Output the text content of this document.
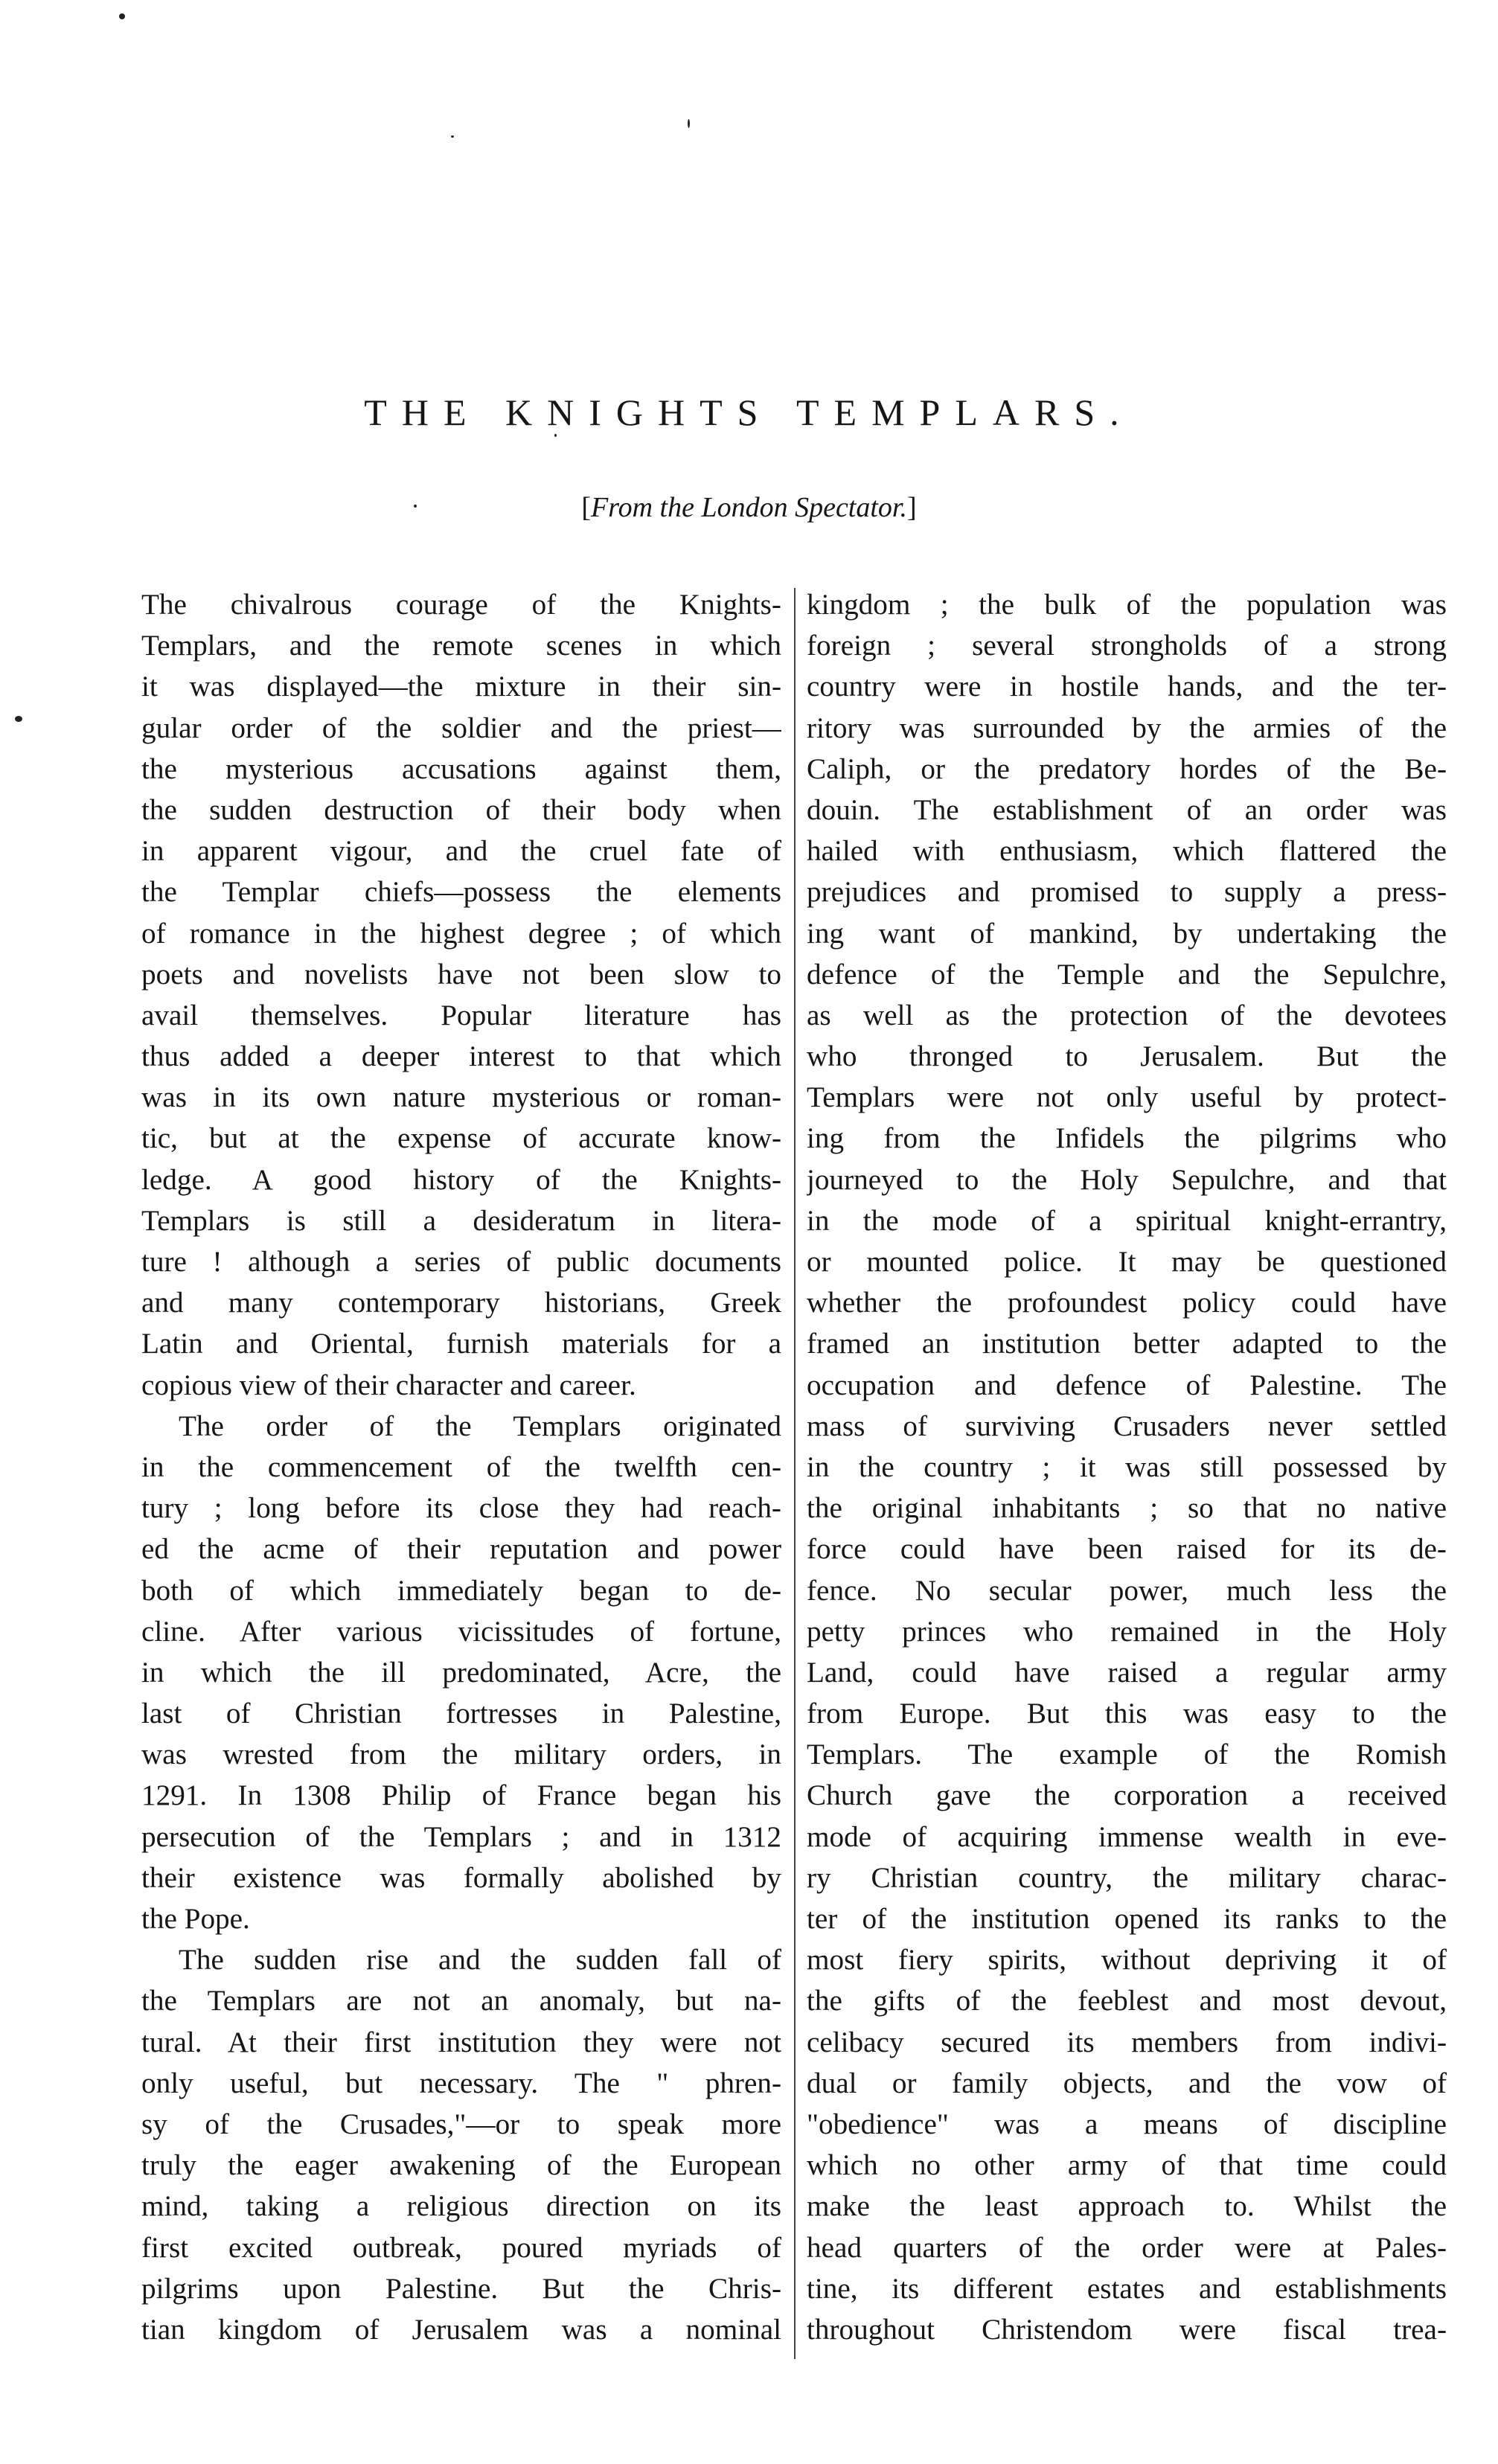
THE KNIGHTS TEMPLARS.
[From the London Spectator.]
The chivalrous courage of the Knights-
Templars, and the remote scenes in which
it was displayed—the mixture in their sin-
gular order of the soldier and the priest—
the mysterious accusations against them,
the sudden destruction of their body when
in apparent vigour, and the cruel fate of
the Templar chiefs—possess the elements
of romance in the highest degree ; of which
poets and novelists have not been slow to
avail themselves. Popular literature has
thus added a deeper interest to that which
was in its own nature mysterious or roman-
tic, but at the expense of accurate know-
ledge. A good history of the Knights-
Templars is still a desideratum in litera-
ture ! although a series of public documents
and many contemporary historians, Greek
Latin and Oriental, furnish materials for a
copious view of their character and career.
The order of the Templars originated
in the commencement of the twelfth cen-
tury ; long before its close they had reach-
ed the acme of their reputation and power
both of which immediately began to de-
cline. After various vicissitudes of fortune,
in which the ill predominated, Acre, the
last of Christian fortresses in Palestine,
was wrested from the military orders, in
1291. In 1308 Philip of France began his
persecution of the Templars ; and in 1312
their existence was formally abolished by
the Pope.
The sudden rise and the sudden fall of
the Templars are not an anomaly, but na-
tural. At their first institution they were not
only useful, but necessary. The " phren-
sy of the Crusades,"—or to speak more
truly the eager awakening of the European
mind, taking a religious direction on its
first excited outbreak, poured myriads of
pilgrims upon Palestine. But the Chris-
tian kingdom of Jerusalem was a nominal
kingdom ; the bulk of the population was
foreign ; several strongholds of a strong
country were in hostile hands, and the ter-
ritory was surrounded by the armies of the
Caliph, or the predatory hordes of the Be-
douin. The establishment of an order was
hailed with enthusiasm, which flattered the
prejudices and promised to supply a press-
ing want of mankind, by undertaking the
defence of the Temple and the Sepulchre,
as well as the protection of the devotees
who thronged to Jerusalem. But the
Templars were not only useful by protect-
ing from the Infidels the pilgrims who
journeyed to the Holy Sepulchre, and that
in the mode of a spiritual knight-errantry,
or mounted police. It may be questioned
whether the profoundest policy could have
framed an institution better adapted to the
occupation and defence of Palestine. The
mass of surviving Crusaders never settled
in the country ; it was still possessed by
the original inhabitants ; so that no native
force could have been raised for its de-
fence. No secular power, much less the
petty princes who remained in the Holy
Land, could have raised a regular army
from Europe. But this was easy to the
Templars. The example of the Romish
Church gave the corporation a received
mode of acquiring immense wealth in eve-
ry Christian country, the military charac-
ter of the institution opened its ranks to the
most fiery spirits, without depriving it of
the gifts of the feeblest and most devout,
celibacy secured its members from indivi-
dual or family objects, and the vow of
"obedience" was a means of discipline
which no other army of that time could
make the least approach to. Whilst the
head quarters of the order were at Pales-
tine, its different estates and establishments
throughout Christendom were fiscal trea-
